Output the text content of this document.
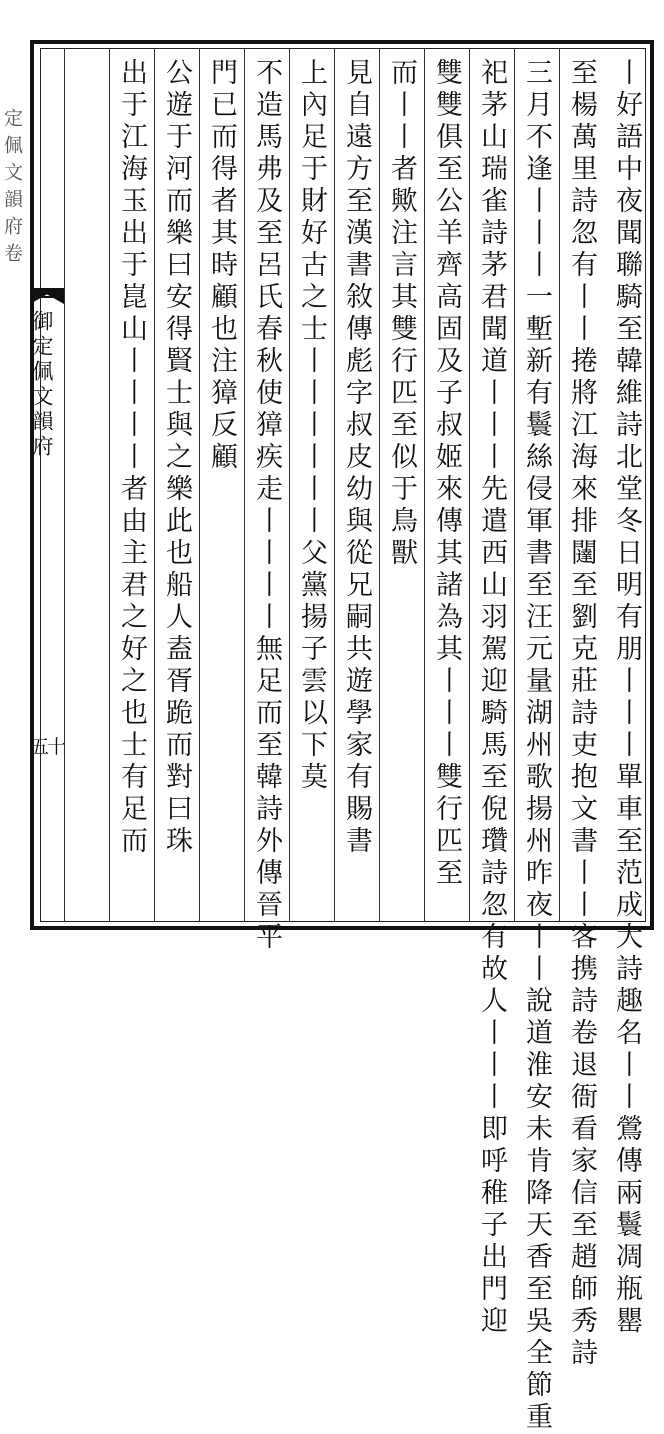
定佩文韻府卷
御定佩文韻府
五十	丨好語中夜聞聯騎至韓維詩北堂冬日明有朋丨丨丨單車至范成大詩趣名丨丨鶯傳兩鬟凋瓶罌
至楊萬里詩忽有丨丨捲將江海來排闥至劉克莊詩吏抱文書丨丨客携詩卷退衙看家信至趙師秀詩
三月不逢丨丨丨一塹新有鬟絲侵軍書至汪元量湖州歌揚州昨夜丨丨說道淮安未肯降天香至吳全節重
祀茅山瑞雀詩茅君聞道丨丨丨先遣西山羽駕迎騎馬至倪瓚詩忽有故人丨丨丨即呼稚子出門迎
雙雙俱至公羊齊高固及子叔姬來傳其諸為其丨丨丨雙行匹至
而丨丨者歟注言其雙行匹至似于鳥獸
見自遠方至漢書敘傳彪字叔皮幼與從兄嗣共遊學家有賜書
上內足于財好古之士丨丨丨丨丨丨父黨揚子雲以下莫
不造馬弗及至呂氏春秋使獐疾走丨丨丨丨無足而至韓詩外傳晉平
門已而得者其時顧也注獐反顧
公遊于河而樂曰安得賢士與之樂此也船人盍胥跪而對曰珠
出于江海玉出于崑山丨丨丨丨者由主君之好之也士有足而
